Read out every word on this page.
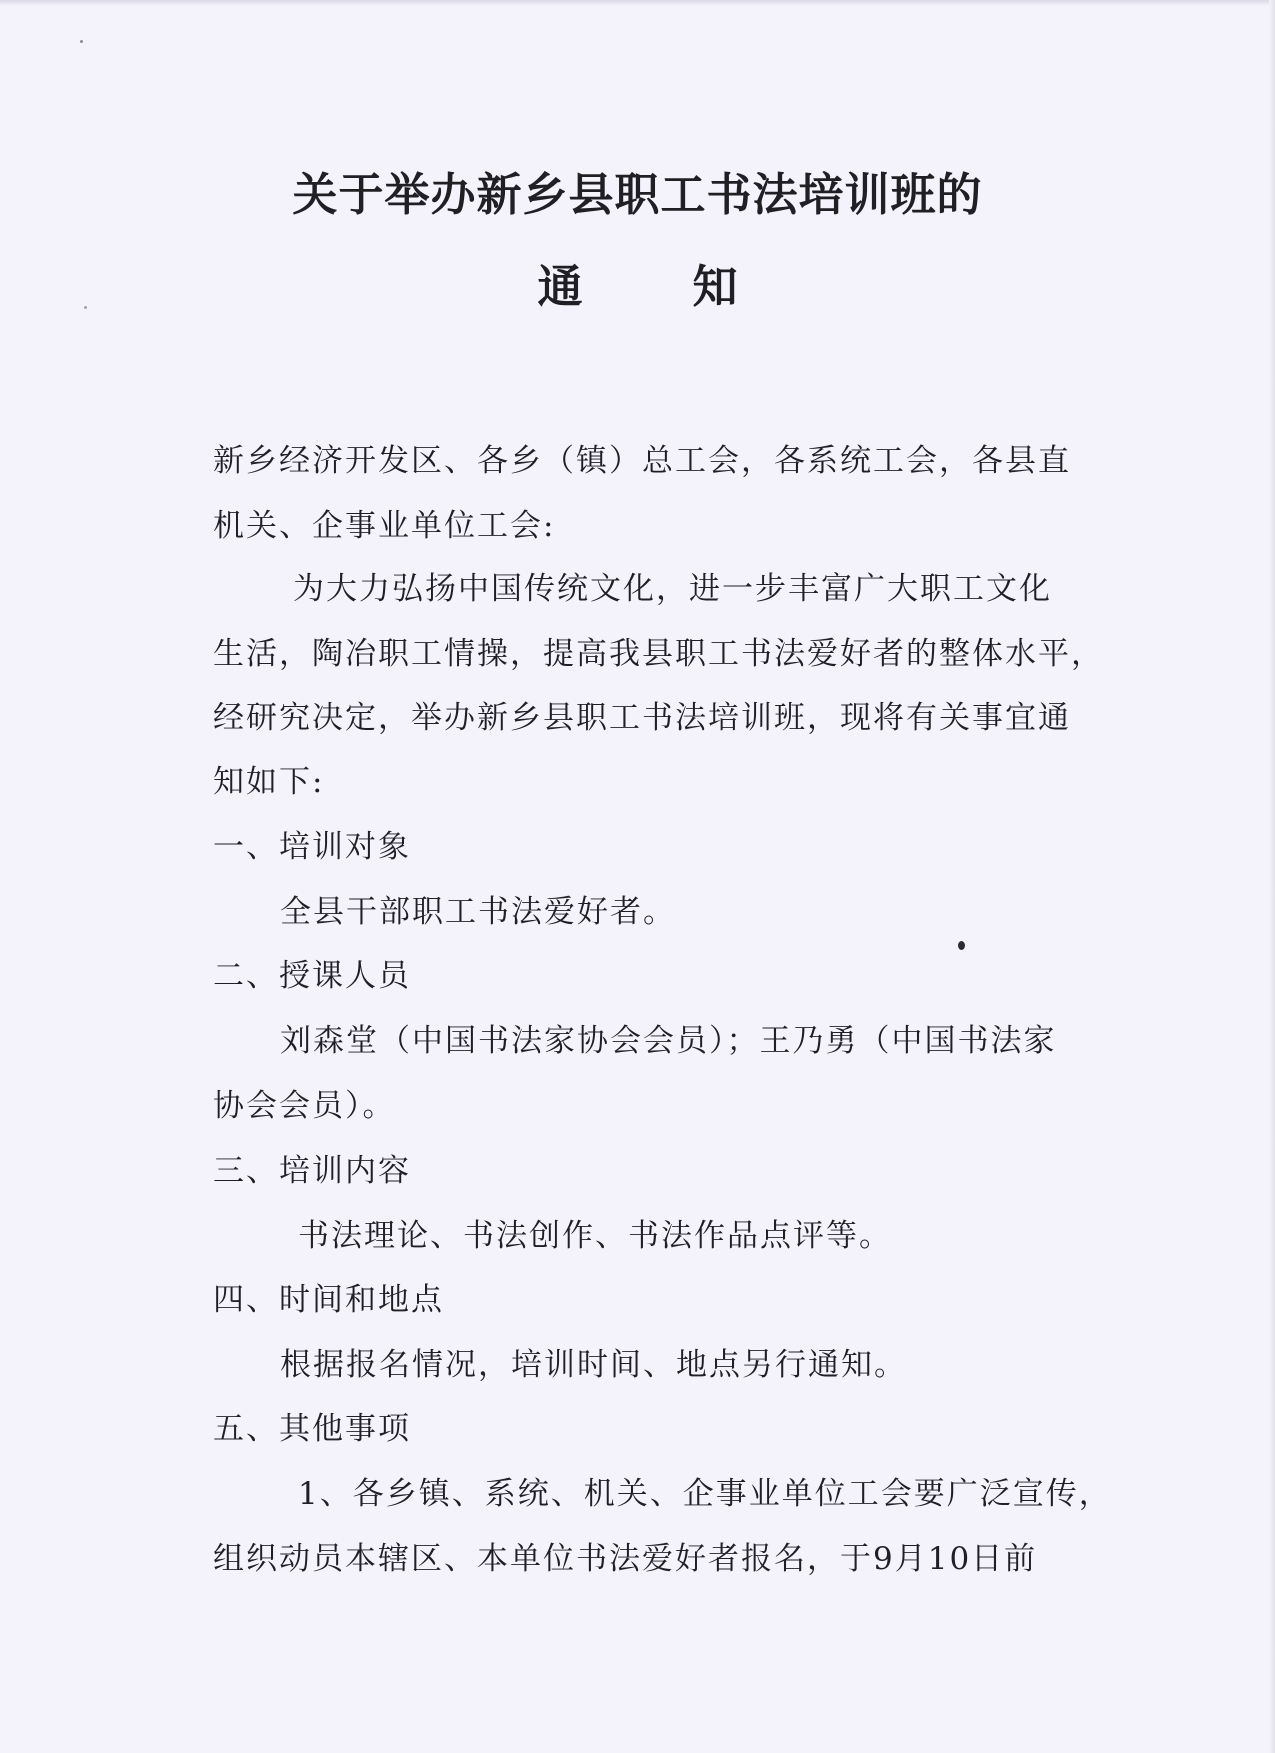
关于举办新乡县职工书法培训班的
通知
新乡经济开发区、各乡（镇）总工会，各系统工会，各县直
机关、企事业单位工会:
为大力弘扬中国传统文化，进一步丰富广大职工文化
生活，陶冶职工情操，提高我县职工书法爱好者的整体水平，
经研究决定，举办新乡县职工书法培训班，现将有关事宜通
知如下:
一、培训对象
全县干部职工书法爱好者。
二、授课人员
刘森堂（中国书法家协会会员）；王乃勇（中国书法家
协会会员）。
三、培训内容
书法理论、书法创作、书法作品点评等。
四、时间和地点
根据报名情况，培训时间、地点另行通知。
五、其他事项
1、各乡镇、系统、机关、企事业单位工会要广泛宣传，
组织动员本辖区、本单位书法爱好者报名，于9月10日前
